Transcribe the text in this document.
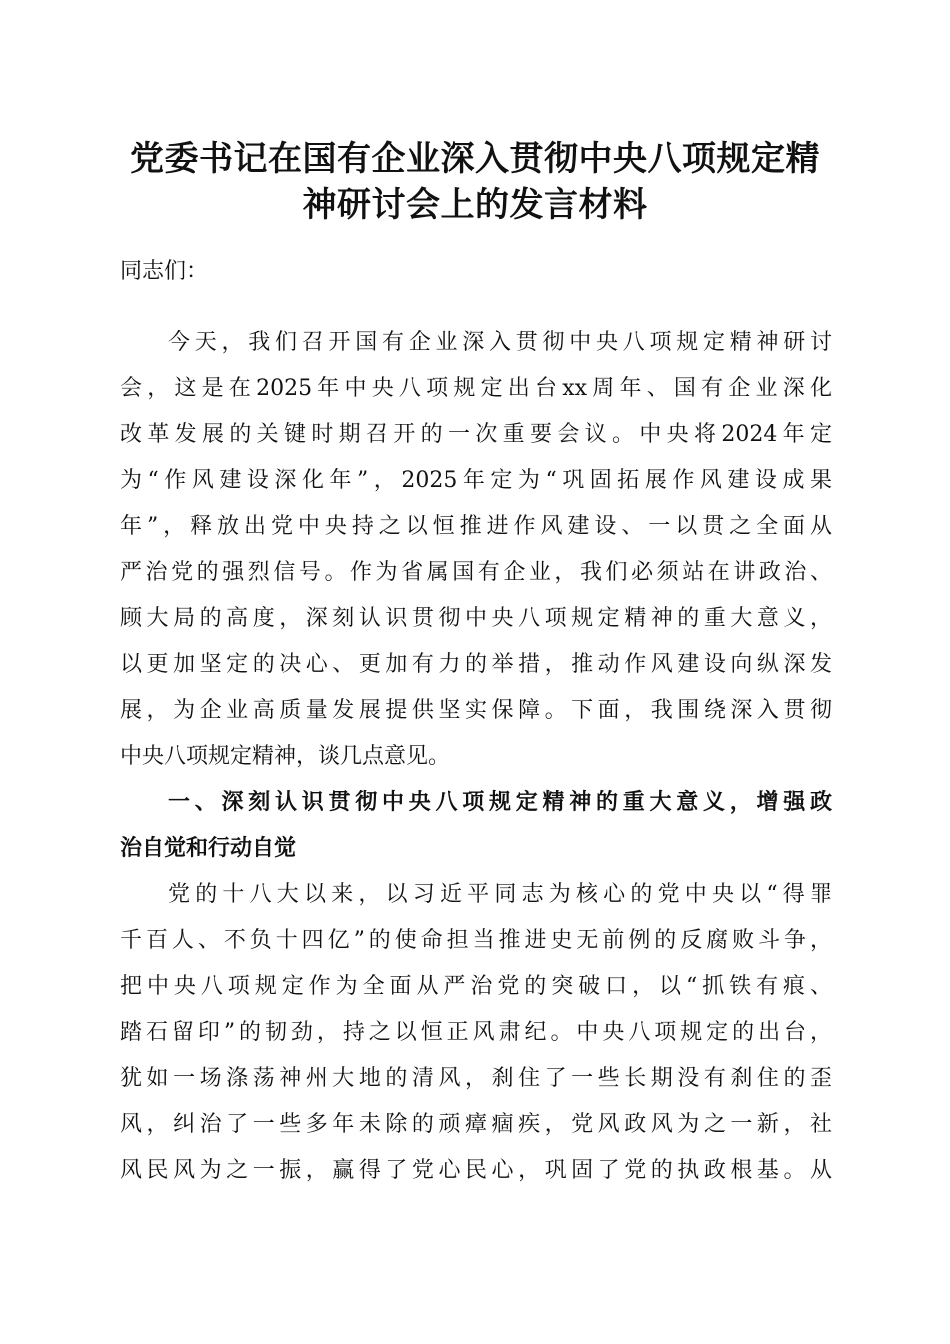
党委书记在国有企业深入贯彻中央八项规定精
神研讨会上的发言材料

同志们：

今天，我们召开国有企业深入贯彻中央八项规定精神研讨

会，这是在2025年中央八项规定出台xx周年、国有企业深化

改革发展的关键时期召开的一次重要会议。中央将2024年定

为“作风建设深化年”，2025年定为“巩固拓展作风建设成果

年”，释放出党中央持之以恒推进作风建设、一以贯之全面从

严治党的强烈信号。作为省属国有企业，我们必须站在讲政治、

顾大局的高度，深刻认识贯彻中央八项规定精神的重大意义，

以更加坚定的决心、更加有力的举措，推动作风建设向纵深发

展，为企业高质量发展提供坚实保障。下面，我围绕深入贯彻

中央八项规定精神，谈几点意见。

一、深刻认识贯彻中央八项规定精神的重大意义，增强政

治自觉和行动自觉

党的十八大以来，以习近平同志为核心的党中央以“得罪

千百人、不负十四亿”的使命担当推进史无前例的反腐败斗争，

把中央八项规定作为全面从严治党的突破口，以“抓铁有痕、

踏石留印”的韧劲，持之以恒正风肃纪。中央八项规定的出台，

犹如一场涤荡神州大地的清风，刹住了一些长期没有刹住的歪

风，纠治了一些多年未除的顽瘴痼疾，党风政风为之一新，社

风民风为之一振，赢得了党心民心，巩固了党的执政根基。从
